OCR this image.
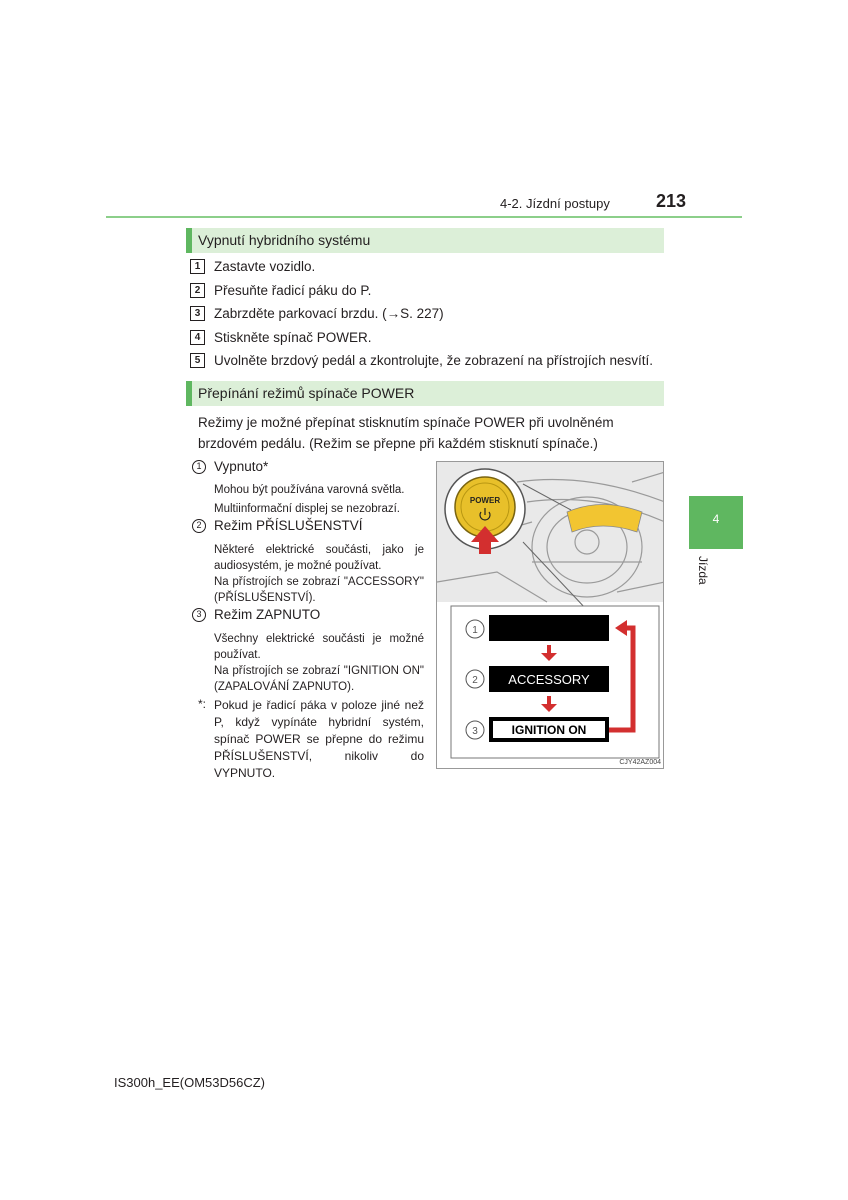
4-2. Jízdní postupy	213
Vypnutí hybridního systému
1	Zastavte vozidlo.
2	Přesuňte řadicí páku do P.
3	Zabrzděte parkovací brzdu. (→S. 227)
4	Stiskněte spínač POWER.
5	Uvolněte brzdový pedál a zkontrolujte, že zobrazení na přístrojích nesvítí.
Přepínání režimů spínače POWER
Režimy je možné přepínat stisknutím spínače POWER při uvolněném brzdovém pedálu. (Režim se přepne při každém stisknutí spínače.)
1 Vypnuto*
Mohou být používána varovná světla.
Multiinformační displej se nezobrazí.
2 Režim PŘÍSLUŠENSTVÍ
Některé elektrické součásti, jako je audiosystém, je možné používat.
Na přístrojích se zobrazí "ACCESSORY" (PŘÍSLUŠENSTVÍ).
3 Režim ZAPNUTO
Všechny elektrické součásti je možné používat.
Na přístrojích se zobrazí "IGNITION ON" (ZAPALOVÁNÍ ZAPNUTO).
*: Pokud je řadicí páka v poloze jiné než P, když vypínáte hybridní systém, spínač POWER se přepne do režimu PŘÍSLUŠENSTVÍ, nikoliv do VYPNUTO.
POWER
1
2 ACCESSORY
3	IGNITION ON
CJY42AZ004
4
Jízda
IS300h_EE(OM53D56CZ)
